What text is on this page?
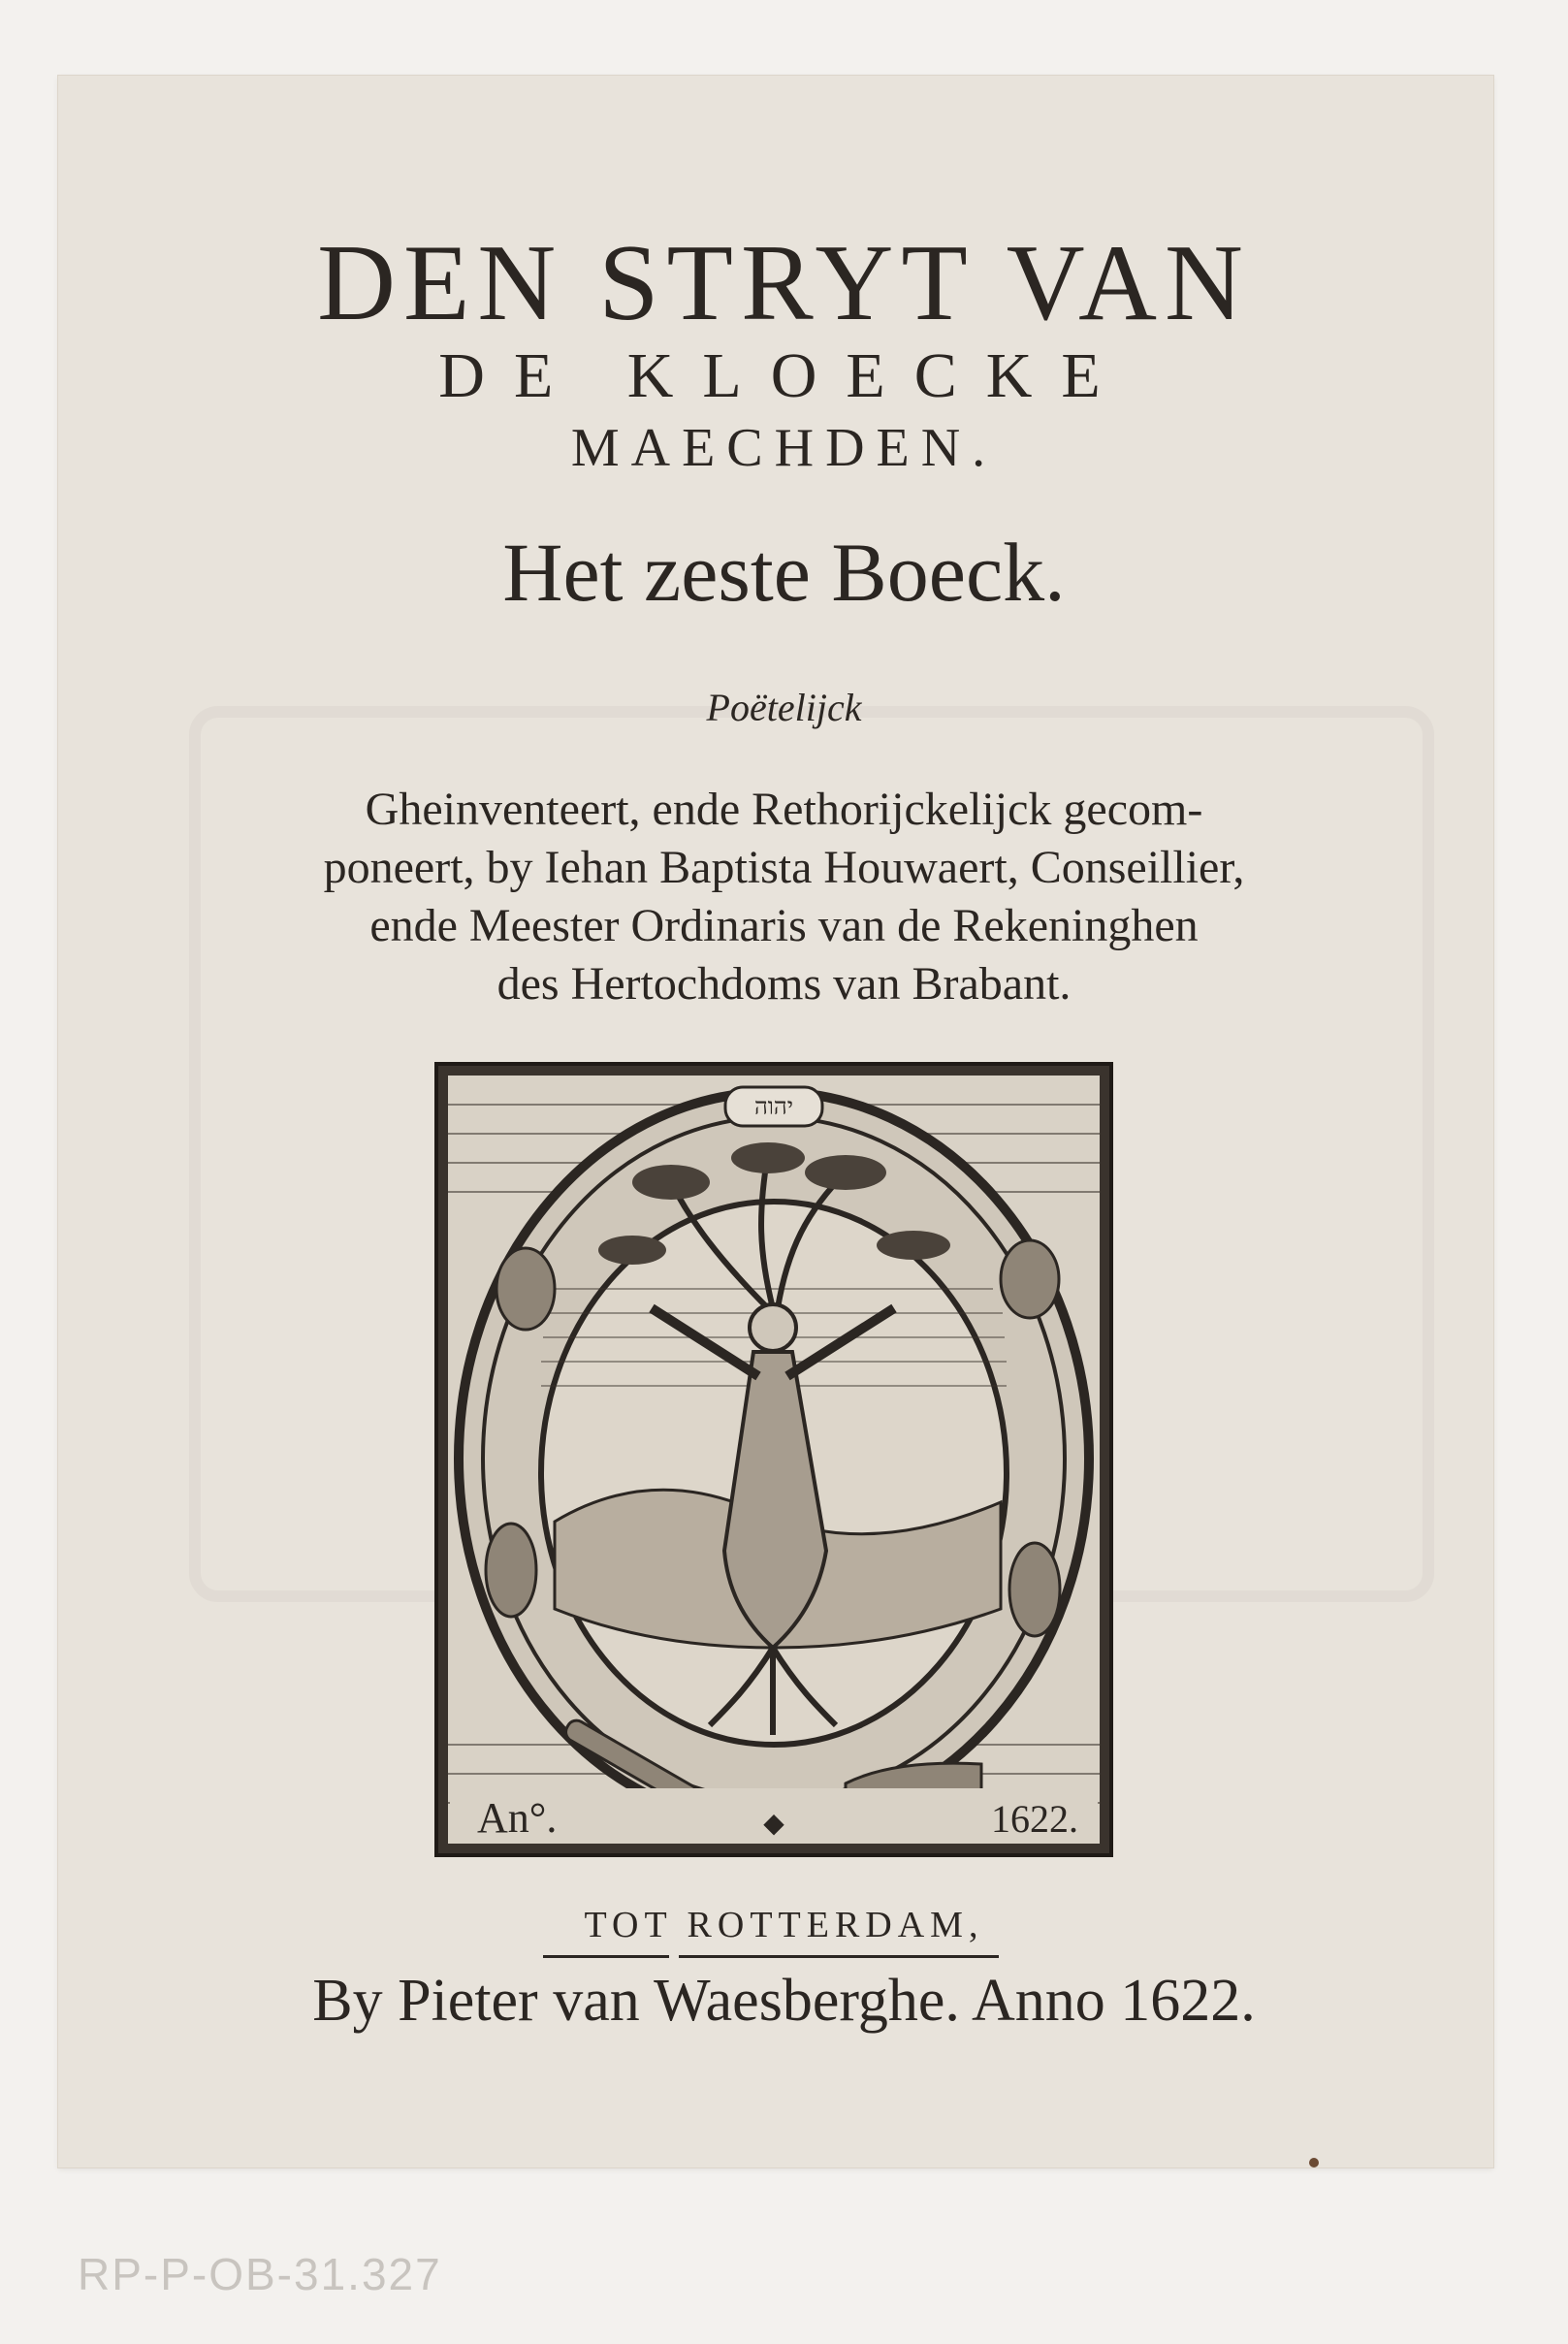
DEN STRYT VAN
DE KLOECKE
MAECHDEN.
Het zeste Boeck.
Poëtelijck
Gheinventeert, ende Rethorijckelijck gecom-
poneert, by Iehan Baptista Houwaert, Conseillier,
ende Meester Ordinaris van de Rekeninghen
des Hertochdoms van Brabant.
יהוה
An°.	◆	1622.
TOT ROTTERDAM,
By Pieter van Waesberghe. Anno 1622.
RP-P-OB-31.327
